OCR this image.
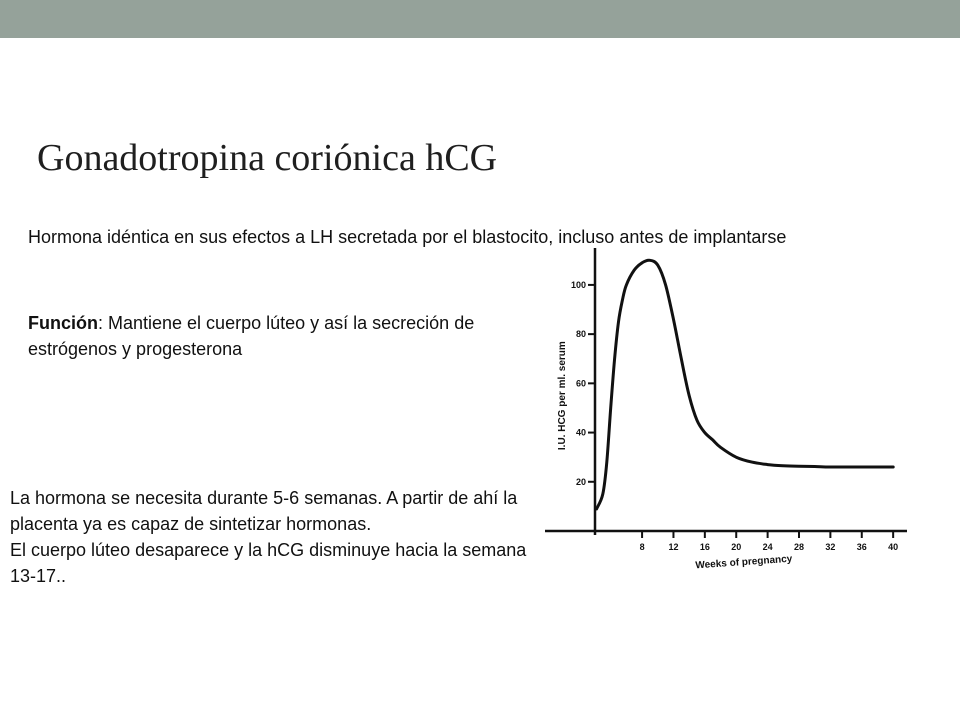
Gonadotropina coriónica hCG

Hormona idéntica en sus efectos a LH secretada por el blastocito, incluso antes de implantarse

Función: Mantiene el cuerpo lúteo y así la secreción de estrógenos y progesterona

La hormona se necesita durante 5-6 semanas. A partir de ahí la placenta ya es capaz de sintetizar hormonas.
El cuerpo lúteo desaparece y la hCG disminuye hacia la semana 13-17..

20
40
60
80
100
8	12 16 20 24 28 32 36 40
Weeks of pregnancy
I.U. HCG per ml. serum
